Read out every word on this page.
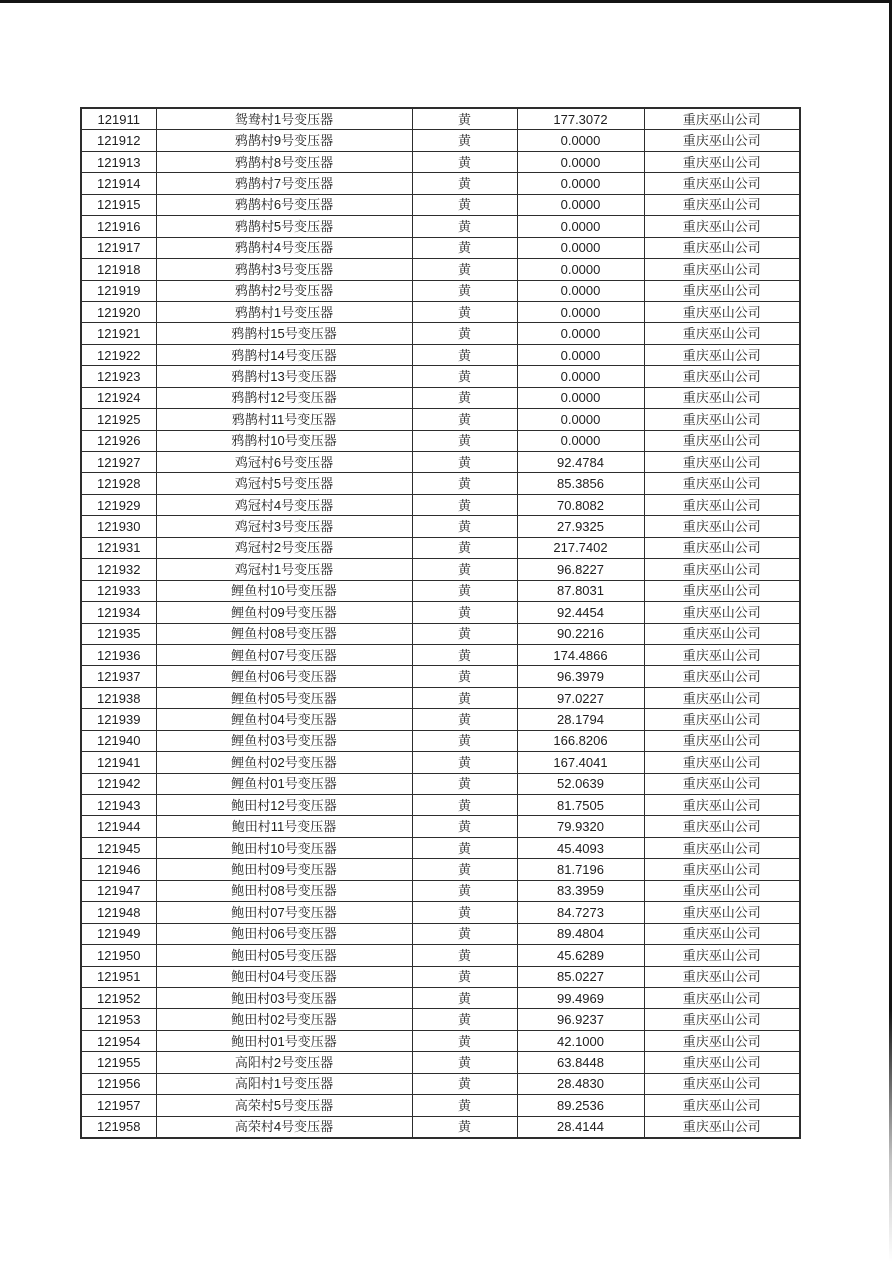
121911	鸳鸯村1号变压器	黄	177.3072	重庆巫山公司
121912	鸦鹊村9号变压器	黄	0.0000	重庆巫山公司
121913	鸦鹊村8号变压器	黄	0.0000	重庆巫山公司
121914	鸦鹊村7号变压器	黄	0.0000	重庆巫山公司
121915	鸦鹊村6号变压器	黄	0.0000	重庆巫山公司
121916	鸦鹊村5号变压器	黄	0.0000	重庆巫山公司
121917	鸦鹊村4号变压器	黄	0.0000	重庆巫山公司
121918	鸦鹊村3号变压器	黄	0.0000	重庆巫山公司
121919	鸦鹊村2号变压器	黄	0.0000	重庆巫山公司
121920	鸦鹊村1号变压器	黄	0.0000	重庆巫山公司
121921	鸦鹊村15号变压器	黄	0.0000	重庆巫山公司
121922	鸦鹊村14号变压器	黄	0.0000	重庆巫山公司
121923	鸦鹊村13号变压器	黄	0.0000	重庆巫山公司
121924	鸦鹊村12号变压器	黄	0.0000	重庆巫山公司
121925	鸦鹊村11号变压器	黄	0.0000	重庆巫山公司
121926	鸦鹊村10号变压器	黄	0.0000	重庆巫山公司
121927	鸡冠村6号变压器	黄	92.4784	重庆巫山公司
121928	鸡冠村5号变压器	黄	85.3856	重庆巫山公司
121929	鸡冠村4号变压器	黄	70.8082	重庆巫山公司
121930	鸡冠村3号变压器	黄	27.9325	重庆巫山公司
121931	鸡冠村2号变压器	黄	217.7402	重庆巫山公司
121932	鸡冠村1号变压器	黄	96.8227	重庆巫山公司
121933	鲤鱼村10号变压器	黄	87.8031	重庆巫山公司
121934	鲤鱼村09号变压器	黄	92.4454	重庆巫山公司
121935	鲤鱼村08号变压器	黄	90.2216	重庆巫山公司
121936	鲤鱼村07号变压器	黄	174.4866	重庆巫山公司
121937	鲤鱼村06号变压器	黄	96.3979	重庆巫山公司
121938	鲤鱼村05号变压器	黄	97.0227	重庆巫山公司
121939	鲤鱼村04号变压器	黄	28.1794	重庆巫山公司
121940	鲤鱼村03号变压器	黄	166.8206	重庆巫山公司
121941	鲤鱼村02号变压器	黄	167.4041	重庆巫山公司
121942	鲤鱼村01号变压器	黄	52.0639	重庆巫山公司
121943	鲍田村12号变压器	黄	81.7505	重庆巫山公司
121944	鲍田村11号变压器	黄	79.9320	重庆巫山公司
121945	鲍田村10号变压器	黄	45.4093	重庆巫山公司
121946	鲍田村09号变压器	黄	81.7196	重庆巫山公司
121947	鲍田村08号变压器	黄	83.3959	重庆巫山公司
121948	鲍田村07号变压器	黄	84.7273	重庆巫山公司
121949	鲍田村06号变压器	黄	89.4804	重庆巫山公司
121950	鲍田村05号变压器	黄	45.6289	重庆巫山公司
121951	鲍田村04号变压器	黄	85.0227	重庆巫山公司
121952	鲍田村03号变压器	黄	99.4969	重庆巫山公司
121953	鲍田村02号变压器	黄	96.9237	重庆巫山公司
121954	鲍田村01号变压器	黄	42.1000	重庆巫山公司
121955	高阳村2号变压器	黄	63.8448	重庆巫山公司
121956	高阳村1号变压器	黄	28.4830	重庆巫山公司
121957	高荣村5号变压器	黄	89.2536	重庆巫山公司
121958	高荣村4号变压器	黄	28.4144	重庆巫山公司
